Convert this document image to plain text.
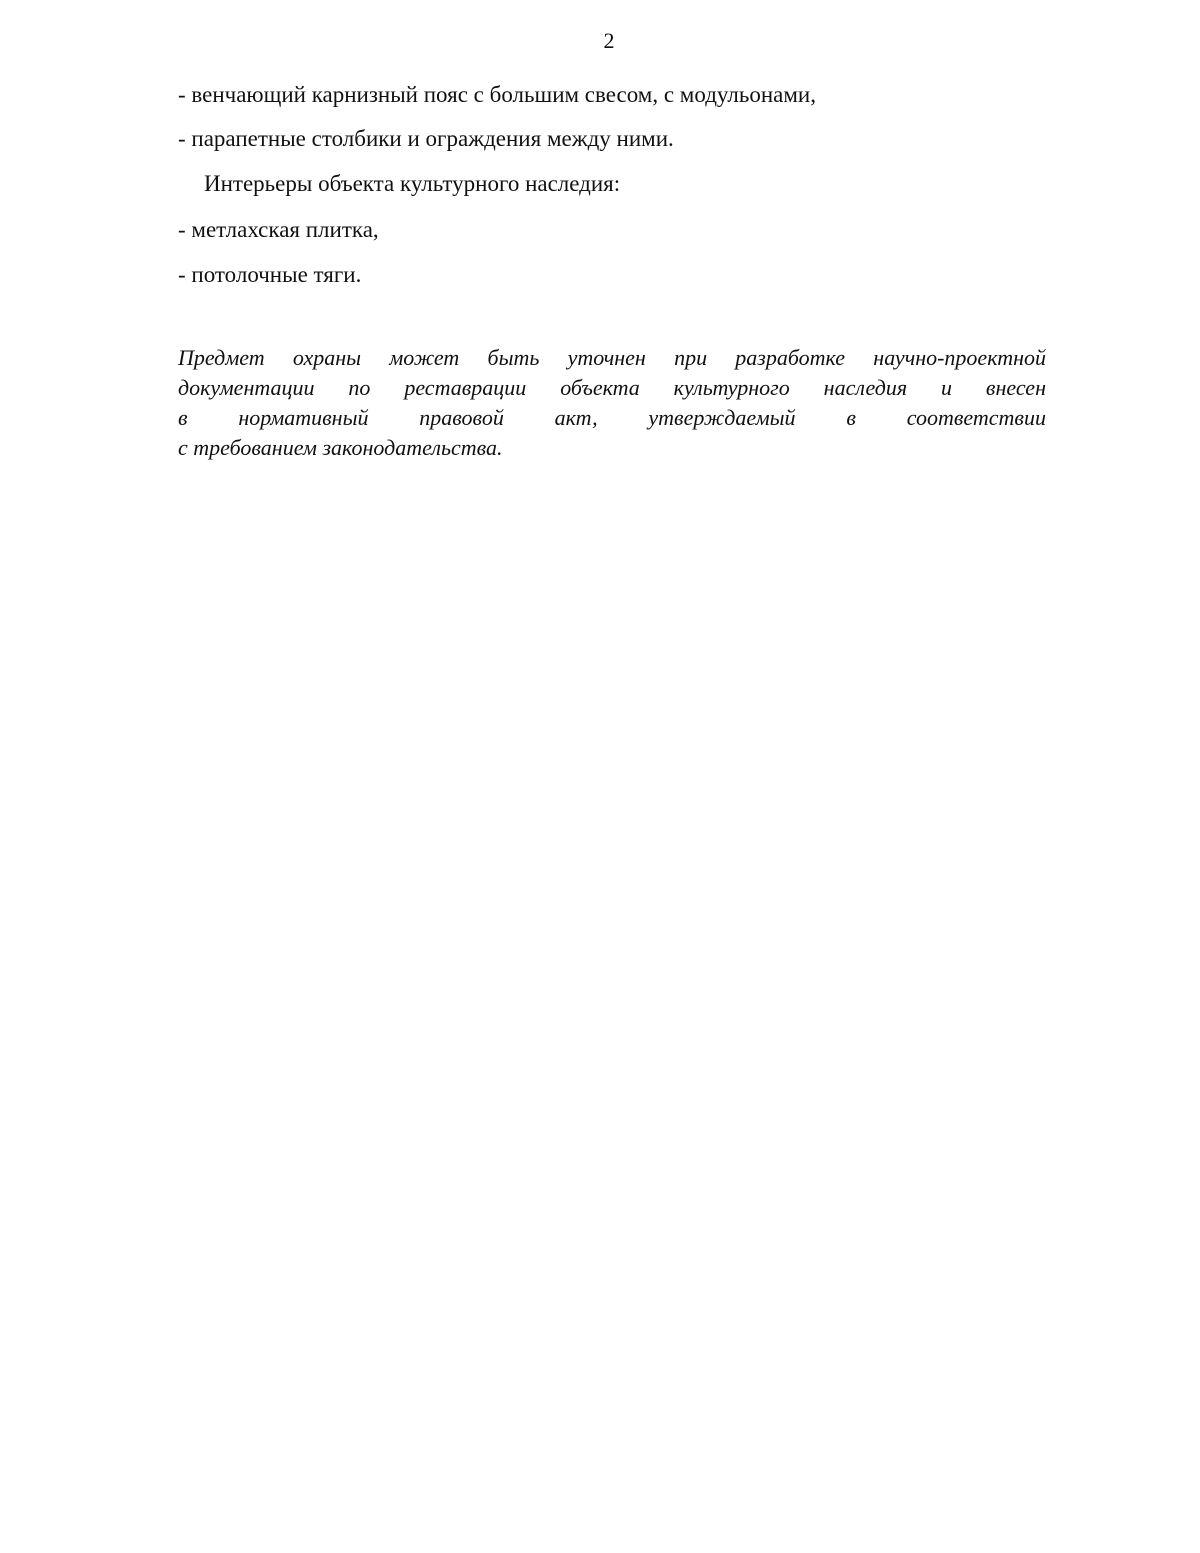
2
- венчающий карнизный пояс с большим свесом, с модульонами,
- парапетные столбики и ограждения между ними.
Интерьеры объекта культурного наследия:
- метлахская плитка,
- потолочные тяги.
Предмет охраны может быть уточнен при разработке научно-проектной
документации по реставрации объекта культурного наследия и внесен
в нормативный правовой акт, утверждаемый в соответствии
с требованием законодательства.
